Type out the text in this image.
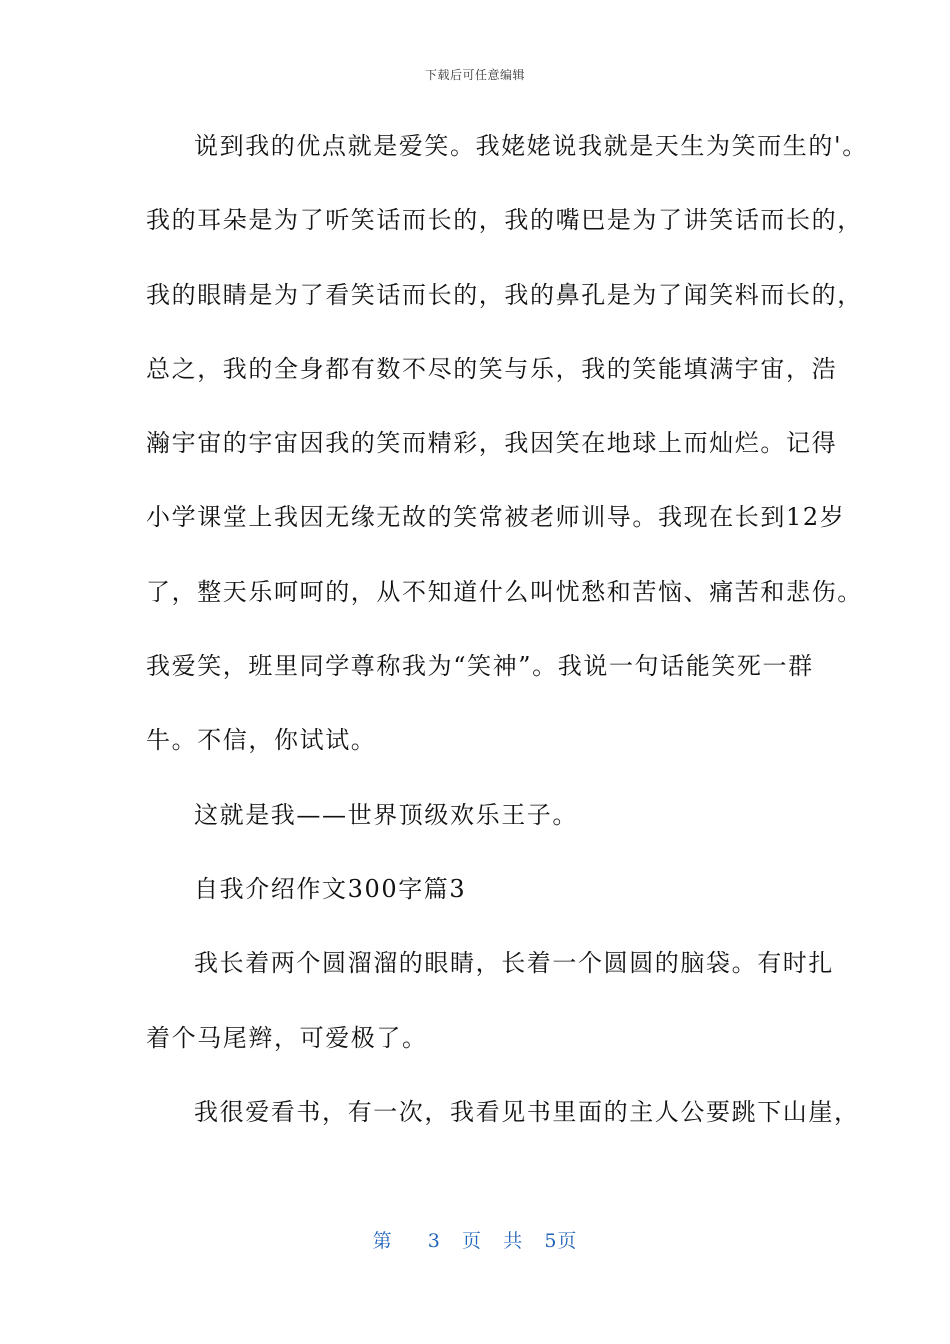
下载后可任意编辑
说到我的优点就是爱笑。我姥姥说我就是天生为笑而生的'。
我的耳朵是为了听笑话而长的，我的嘴巴是为了讲笑话而长的，
我的眼睛是为了看笑话而长的，我的鼻孔是为了闻笑料而长的，
总之，我的全身都有数不尽的笑与乐，我的笑能填满宇宙，浩
瀚宇宙的宇宙因我的笑而精彩，我因笑在地球上而灿烂。记得
小学课堂上我因无缘无故的笑常被老师训导。我现在长到12岁
了，整天乐呵呵的，从不知道什么叫忧愁和苦恼、痛苦和悲伤。
我爱笑，班里同学尊称我为“笑神”。我说一句话能笑死一群
牛。不信，你试试。
这就是我——世界顶级欢乐王子。
自我介绍作文300字篇3
我长着两个圆溜溜的眼睛，长着一个圆圆的脑袋。有时扎
着个马尾辫，可爱极了。
我很爱看书，有一次，我看见书里面的主人公要跳下山崖，
第 3 页 共 5页
